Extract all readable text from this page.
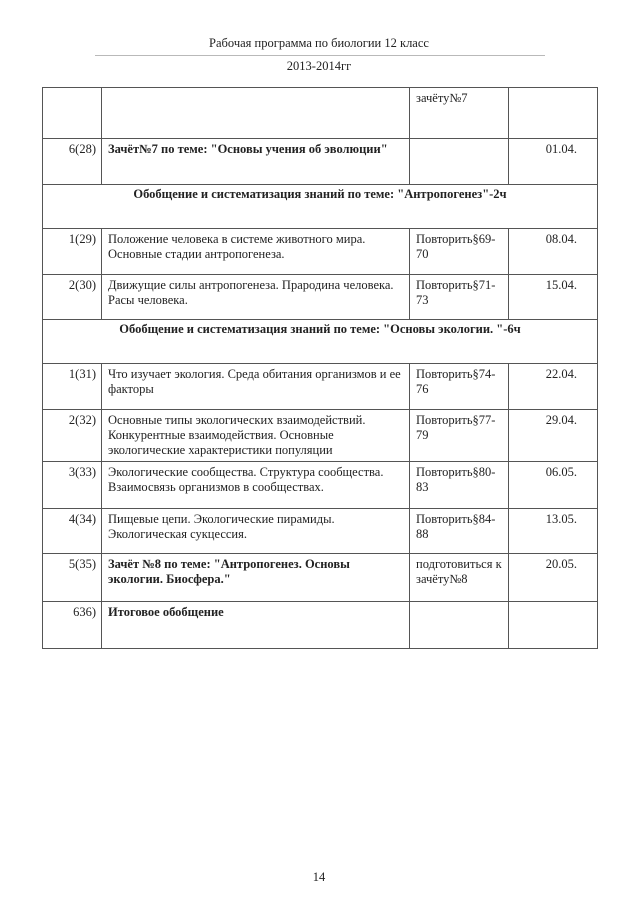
Рабочая программа по биологии 12 класс
2013-2014гг
		зачёту№7	
6(28)	Зачёт№7 по теме: "Основы учения об эволюции"		01.04.
Обобщение и систематизация знаний по теме: "Антропогенез"-2ч			
1(29)	Положение человека в системе животного мира. Основные стадии антропогенеза.	Повторить§69-70	08.04.
2(30)	Движущие силы антропогенеза. Прародина человека. Расы человека.	Повторить§71-73	15.04.
Обобщение и систематизация знаний по теме: "Основы экологии. "-6ч			
1(31)	Что изучает экология. Среда обитания организмов и ее факторы	Повторить§74-76	22.04.
2(32)	Основные типы экологических взаимодействий. Конкурентные взаимодействия. Основные экологические характеристики популяции	Повторить§77-79	29.04.
3(33)	Экологические сообщества. Структура сообщества. Взаимосвязь организмов в сообществах.	Повторить§80-83	06.05.
4(34)	Пищевые цепи. Экологические пирамиды. Экологическая сукцессия.	Повторить§84-88	13.05.
5(35)	Зачёт №8 по теме: "Антропогенез. Основы экологии. Биосфера."	подготовиться к зачёту№8	20.05.
636)	Итоговое обобщение		
14
